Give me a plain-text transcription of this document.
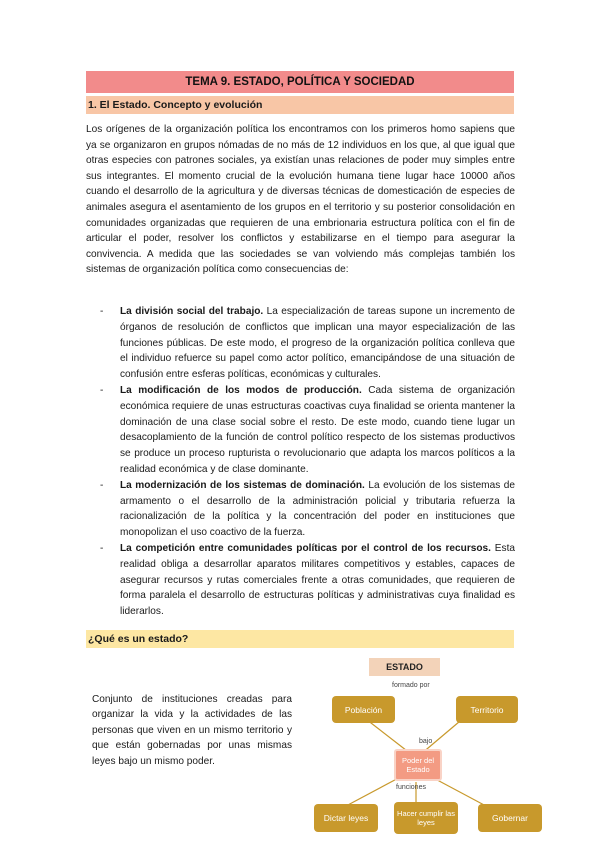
TEMA 9. ESTADO, POLÍTICA Y SOCIEDAD
1. El Estado. Concepto y evolución

Los orígenes de la organización política los encontramos con los primeros homo sapiens que ya se organizaron en grupos nómadas de no más de 12 individuos en los que, al que igual que otras especies con patrones sociales, ya existían unas relaciones de poder muy simples entre sus integrantes. El momento crucial de la evolución humana tiene lugar hace 10000 años cuando el desarrollo de la agricultura y de diversas técnicas de domesticación de especies de animales asegura el asentamiento de los grupos en el territorio y su posterior consolidación en comunidades organizadas que requieren de una embrionaria estructura política con el fin de articular el poder, resolver los conflictos y estabilizarse en el tiempo para asegurar la convivencia. A medida que las sociedades se van volviendo más complejas también los sistemas de organización política como consecuencias de:

- La división social del trabajo. La especialización de tareas supone un incremento de órganos de resolución de conflictos que implican una mayor especialización de las funciones públicas. De este modo, el progreso de la organización política conlleva que el individuo refuerce su papel como actor político, emancipándose de una situación de confusión entre esferas políticas, económicas y culturales.
- La modificación de los modos de producción. Cada sistema de organización económica requiere de unas estructuras coactivas cuya finalidad se orienta mantener la dominación de una clase social sobre el resto. De este modo, cuando tiene lugar un desacoplamiento de la función de control político respecto de los sistemas productivos se produce un proceso rupturista o revolucionario que adapta los marcos políticos a la realidad económica y de clase dominante.
- La modernización de los sistemas de dominación. La evolución de los sistemas de armamento o el desarrollo de la administración policial y tributaria refuerza la racionalización de la política y la concentración del poder en instituciones que monopolizan el uso coactivo de la fuerza.
- La competición entre comunidades políticas por el control de los recursos. Esta realidad obliga a desarrollar aparatos militares competitivos y estables, capaces de asegurar recursos y rutas comerciales frente a otras comunidades, que requieren de forma paralela el desarrollo de estructuras políticas y administrativas cuya finalidad es liderarlos.
¿Qué es un estado?

Conjunto de instituciones creadas para organizar la vida y la actividades de las personas que viven en un mismo territorio y que están gobernadas por unas mismas leyes bajo un mismo poder.

ESTADO
formado por
Población	Territorio
bajo
Poder del Estado
funciones
Dictar leyes	Hacer cumplir las leyes	Gobernar
